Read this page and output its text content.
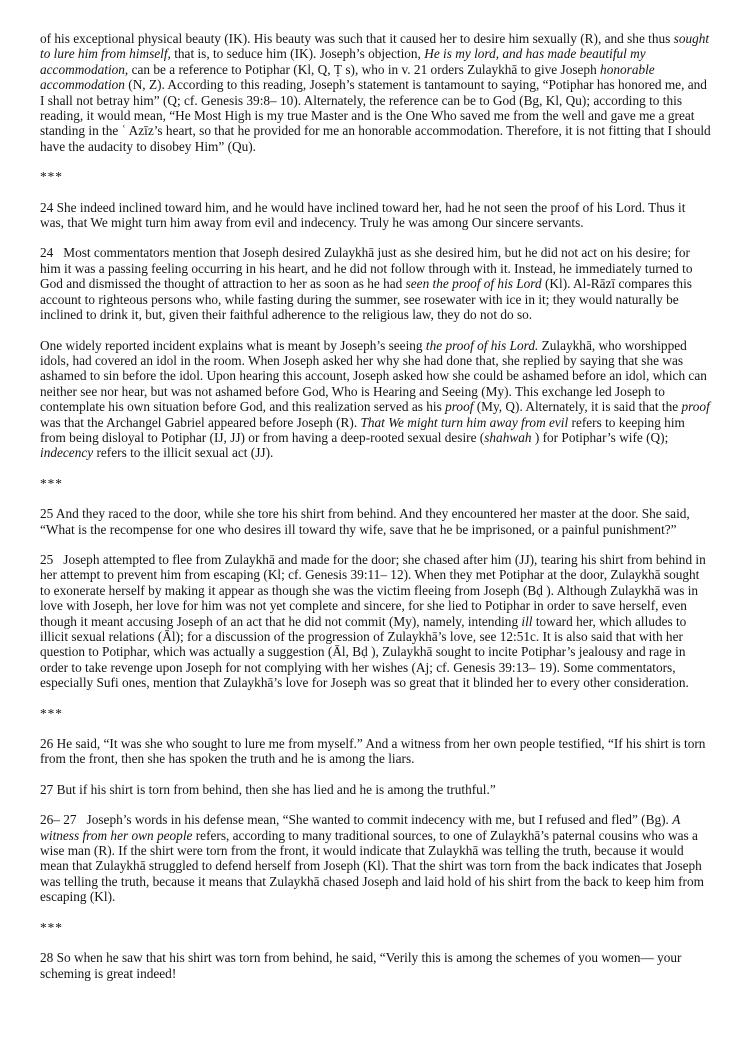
of his exceptional physical beauty (IK). His beauty was such that it caused her to desire him sexually (R), and she thus sought to lure him from himself, that is, to seduce him (IK). Joseph’s objection, He is my lord, and has made beautiful my accommodation, can be a reference to Potiphar (Kl, Q, Ṭ s), who in v. 21 orders Zulaykhā to give Joseph honorable accommodation (N, Z). According to this reading, Joseph’s statement is tantamount to saying, “Potiphar has honored me, and I shall not betray him” (Q; cf. Genesis 39:8– 10). Alternately, the reference can be to God (Bg, Kl, Qu); according to this reading, it would mean, “He Most High is my true Master and is the One Who saved me from the well and gave me a great standing in the ʿ Azīz’s heart, so that he provided for me an honorable accommodation. Therefore, it is not fitting that I should have the audacity to disobey Him” (Qu).

***

24 She indeed inclined toward him, and he would have inclined toward her, had he not seen the proof of his Lord. Thus it was, that We might turn him away from evil and indecency. Truly he was among Our sincere servants.

24   Most commentators mention that Joseph desired Zulaykhā just as she desired him, but he did not act on his desire; for him it was a passing feeling occurring in his heart, and he did not follow through with it. Instead, he immediately turned to God and dismissed the thought of attraction to her as soon as he had seen the proof of his Lord (Kl). Al-Rāzī compares this account to righteous persons who, while fasting during the summer, see rosewater with ice in it; they would naturally be inclined to drink it, but, given their faithful adherence to the religious law, they do not do so.

One widely reported incident explains what is meant by Joseph’s seeing the proof of his Lord. Zulaykhā, who worshipped idols, had covered an idol in the room. When Joseph asked her why she had done that, she replied by saying that she was ashamed to sin before the idol. Upon hearing this account, Joseph asked how she could be ashamed before an idol, which can neither see nor hear, but was not ashamed before God, Who is Hearing and Seeing (My). This exchange led Joseph to contemplate his own situation before God, and this realization served as his proof (My, Q). Alternately, it is said that the proof was that the Archangel Gabriel appeared before Joseph (R). That We might turn him away from evil refers to keeping him from being disloyal to Potiphar (IJ, JJ) or from having a deep-rooted sexual desire (shahwah ) for Potiphar’s wife (Q); indecency refers to the illicit sexual act (JJ).

***

25 And they raced to the door, while she tore his shirt from behind. And they encountered her master at the door. She said, “What is the recompense for one who desires ill toward thy wife, save that he be imprisoned, or a painful punishment?”

25   Joseph attempted to flee from Zulaykhā and made for the door; she chased after him (JJ), tearing his shirt from behind in her attempt to prevent him from escaping (Kl; cf. Genesis 39:11– 12). When they met Potiphar at the door, Zulaykhā sought to exonerate herself by making it appear as though she was the victim fleeing from Joseph (Bḍ ). Although Zulaykhā was in love with Joseph, her love for him was not yet complete and sincere, for she lied to Potiphar in order to save herself, even though it meant accusing Joseph of an act that he did not commit (My), namely, intending ill toward her, which alludes to illicit sexual relations (Āl); for a discussion of the progression of Zulaykhā’s love, see 12:51c. It is also said that with her question to Potiphar, which was actually a suggestion (Āl, Bḍ ), Zulaykhā sought to incite Potiphar’s jealousy and rage in order to take revenge upon Joseph for not complying with her wishes (Aj; cf. Genesis 39:13– 19). Some commentators, especially Sufi ones, mention that Zulaykhā’s love for Joseph was so great that it blinded her to every other consideration.

***

26 He said, “It was she who sought to lure me from myself.” And a witness from her own people testified, “If his shirt is torn from the front, then she has spoken the truth and he is among the liars.

27 But if his shirt is torn from behind, then she has lied and he is among the truthful.”

26– 27   Joseph’s words in his defense mean, “She wanted to commit indecency with me, but I refused and fled” (Bg). A witness from her own people refers, according to many traditional sources, to one of Zulaykhā’s paternal cousins who was a wise man (R). If the shirt were torn from the front, it would indicate that Zulaykhā was telling the truth, because it would mean that Zulaykhā struggled to defend herself from Joseph (Kl). That the shirt was torn from the back indicates that Joseph was telling the truth, because it means that Zulaykhā chased Joseph and laid hold of his shirt from the back to keep him from escaping (Kl).

***

28 So when he saw that his shirt was torn from behind, he said, “Verily this is among the schemes of you women— your scheming is great indeed!
